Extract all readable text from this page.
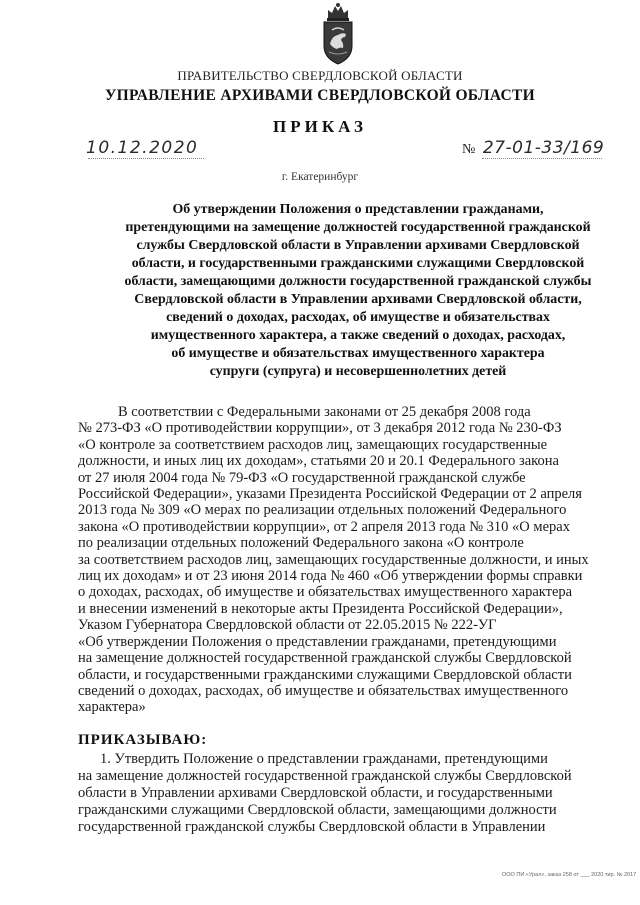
ПРАВИТЕЛЬСТВО СВЕРДЛОВСКОЙ ОБЛАСТИ
УПРАВЛЕНИЕ АРХИВАМИ СВЕРДЛОВСКОЙ ОБЛАСТИ
ПРИКАЗ
10.12.2020	№ 27-01-33/169
г. Екатеринбург
Об утверждении Положения о представлении гражданами,
претендующими на замещение должностей государственной гражданской
службы Свердловской области в Управлении архивами Свердловской
области, и государственными гражданскими служащими Свердловской
области, замещающими должности государственной гражданской службы
Свердловской области в Управлении архивами Свердловской области,
сведений о доходах, расходах, об имуществе и обязательствах
имущественного характера, а также сведений о доходах, расходах,
об имуществе и обязательствах имущественного характера
супруги (супруга) и несовершеннолетних детей
В соответствии с Федеральными законами от 25 декабря 2008 года
№ 273-ФЗ «О противодействии коррупции», от 3 декабря 2012 года № 230-ФЗ
«О контроле за соответствием расходов лиц, замещающих государственные
должности, и иных лиц их доходам», статьями 20 и 20.1 Федерального закона
от 27 июля 2004 года № 79-ФЗ «О государственной гражданской службе
Российской Федерации», указами Президента Российской Федерации от 2 апреля
2013 года № 309 «О мерах по реализации отдельных положений Федерального
закона «О противодействии коррупции», от 2 апреля 2013 года № 310 «О мерах
по реализации отдельных положений Федерального закона «О контроле
за соответствием расходов лиц, замещающих государственные должности, и иных
лиц их доходам» и от 23 июня 2014 года № 460 «Об утверждении формы справки
о доходах, расходах, об имуществе и обязательствах имущественного характера
и внесении изменений в некоторые акты Президента Российской Федерации»,
Указом Губернатора Свердловской области от 22.05.2015 № 222-УГ
«Об утверждении Положения о представлении гражданами, претендующими
на замещение должностей государственной гражданской службы Свердловской
области, и государственными гражданскими служащими Свердловской области
сведений о доходах, расходах, об имуществе и обязательствах имущественного
характера»
ПРИКАЗЫВАЮ:
1. Утвердить Положение о представлении гражданами, претендующими
на замещение должностей государственной гражданской службы Свердловской
области в Управлении архивами Свердловской области, и государственными
гражданскими служащими Свердловской области, замещающими должности
государственной гражданской службы Свердловской области в Управлении
ООО ПИ «Урал», заказ 258 от ___ 2020 тир. № 2017
